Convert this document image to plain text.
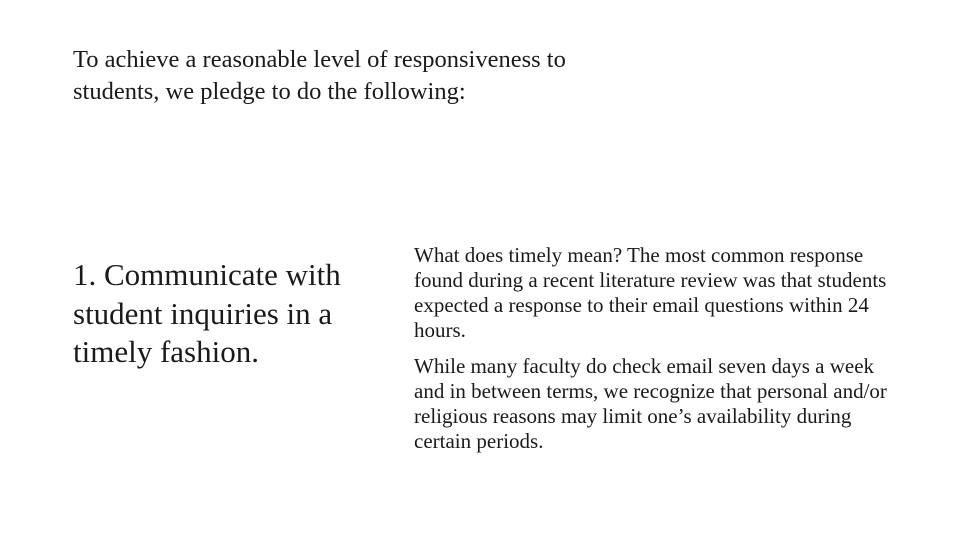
To achieve a reasonable level of responsiveness to students, we pledge to do the following:
1. Communicate with student inquiries in a timely fashion.

What does timely mean? The most common response found during a recent literature review was that students expected a response to their email questions within 24 hours.

While many faculty do check email seven days a week and in between terms, we recognize that personal and/or religious reasons may limit one’s availability during certain periods.
